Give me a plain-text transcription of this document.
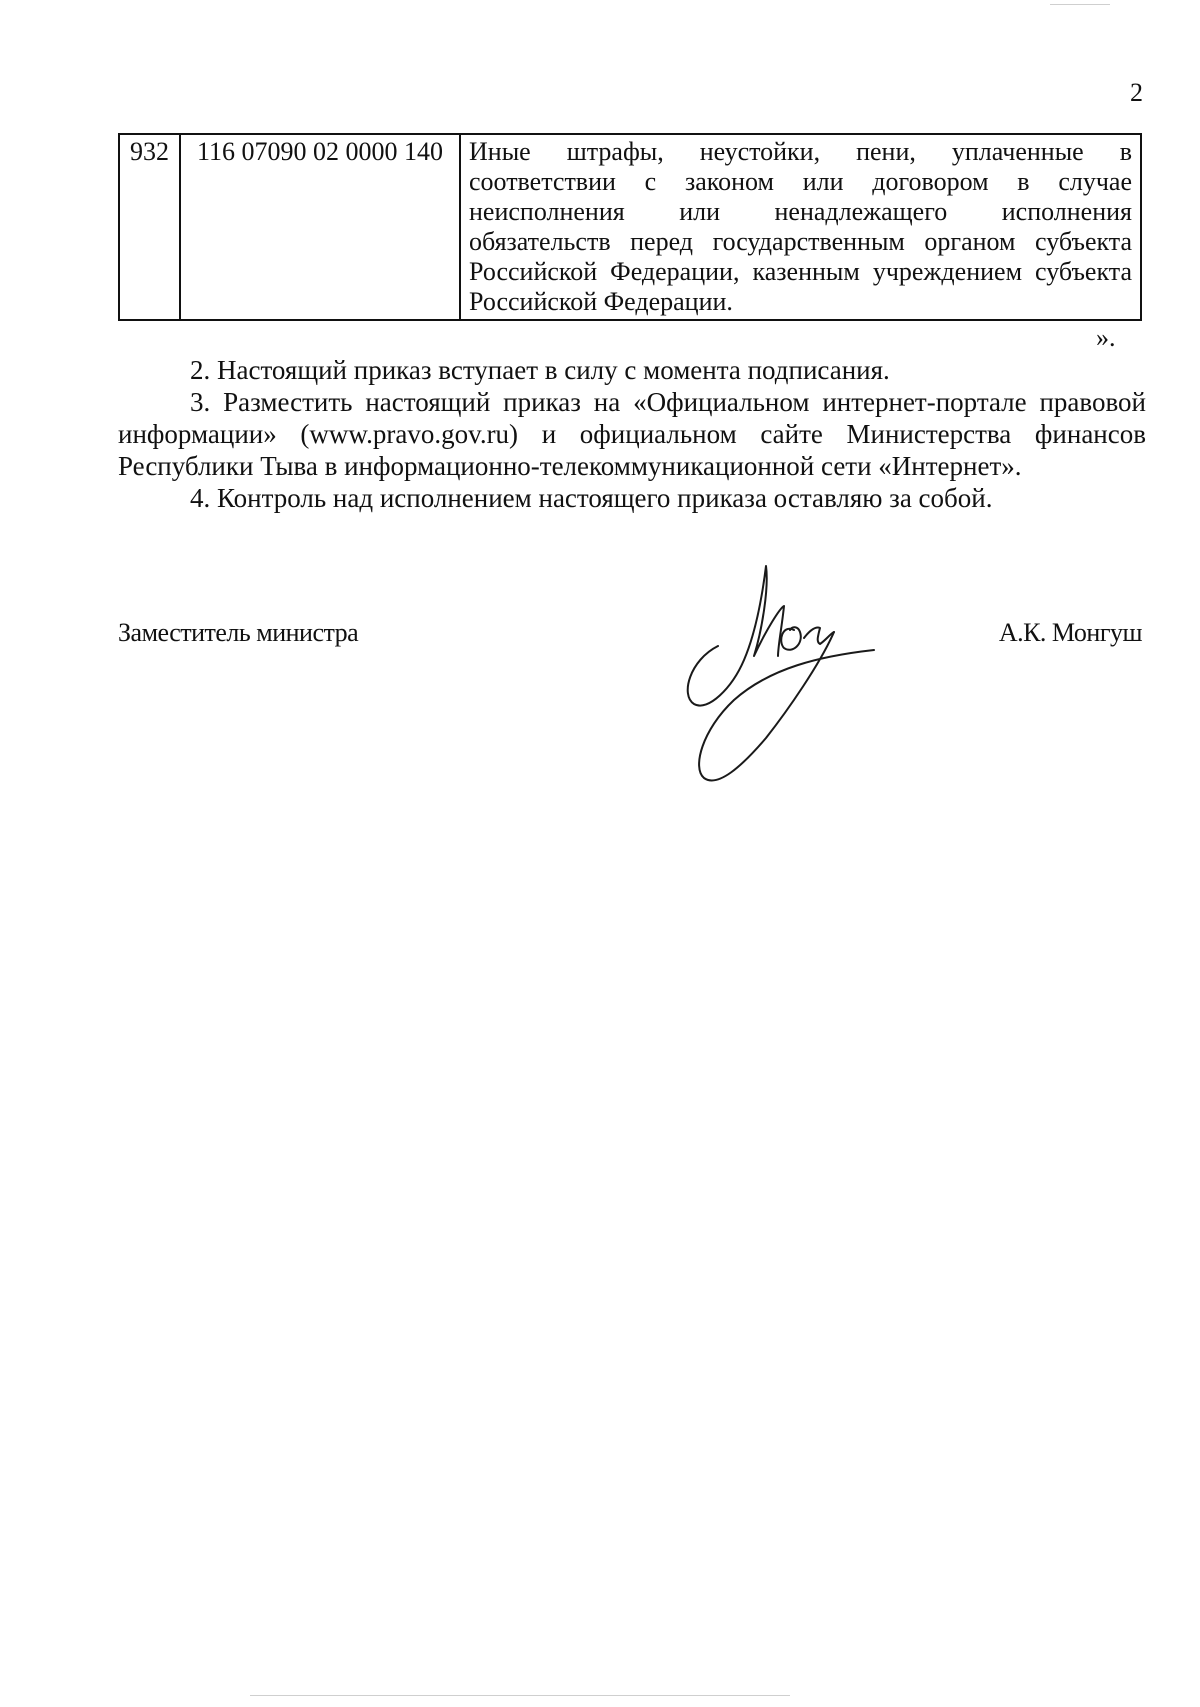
2
932	116 07090 02 0000 140	Иные штрафы, неустойки, пени, уплаченные в соответствии с законом или договором в случае неисполнения или ненадлежащего исполнения обязательств перед государственным органом субъекта Российской Федерации, казенным учреждением субъекта Российской Федерации.
».

2. Настоящий приказ вступает в силу с момента подписания.

3. Разместить настоящий приказ на «Официальном интернет-портале правовой информации» (www.pravo.gov.ru) и официальном сайте Министерства финансов Республики Тыва в информационно-телекоммуникационной сети «Интернет».

4. Контроль над исполнением настоящего приказа оставляю за собой.

Заместитель министра	А.К. Монгуш
